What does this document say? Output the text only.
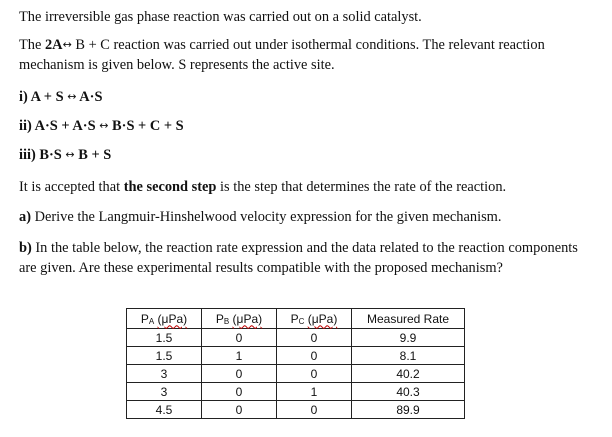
The irreversible gas phase reaction was carried out on a solid catalyst.
The 2A↔ B + C reaction was carried out under isothermal conditions. The relevant reaction mechanism is given below. S represents the active site.
i) A + S ↔ A·S
ii) A·S + A·S ↔ B·S + C + S
iii) B·S ↔ B + S
It is accepted that the second step is the step that determines the rate of the reaction.
a) Derive the Langmuir-Hinshelwood velocity expression for the given mechanism.
b) In the table below, the reaction rate expression and the data related to the reaction components are given. Are these experimental results compatible with the proposed mechanism?
PA (μPa)	PB (μPa)	PC (μPa)	Measured Rate
1.5	0	0	9.9
1.5	1	0	8.1
3	0	0	40.2
3	0	1	40.3
4.5	0	0	89.9
